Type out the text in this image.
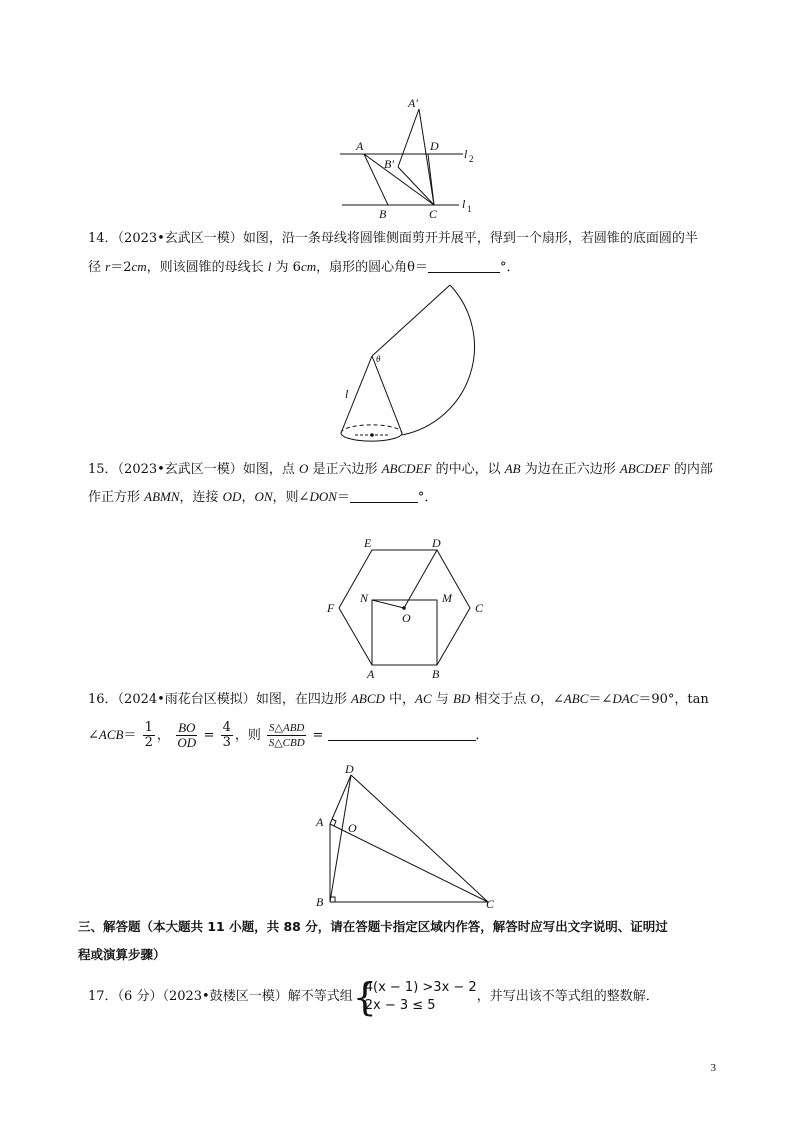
A′
A	D
B′
l 2
B	C
l 1
14．（2023•玄武区一模）如图，沿一条母线将圆锥侧面剪开并展平，得到一个扇形，若圆锥的底面圆的半
径 r＝2cm，则该圆锥的母线长 l 为 6cm，扇形的圆心角θ＝	°．
θ
l
15．（2023•玄武区一模）如图，点 O 是正六边形 ABCDEF 的中心，以 AB 为边在正六边形 ABCDEF 的内部
作正方形 ABMN，连接 OD，ON，则∠DON＝	°．
E	D
F
N	M
C
O
A	B
16．（2024•雨花台区模拟）如图，在四边形 ABCD 中，AC 与 BD 相交于点 O，∠ABC＝∠DAC＝90°，tan
∠ACB＝ $\frac{1}{2}$ ， $\frac{BO}{OD} = \frac{4}{3}$ ，则 $\frac{\text{S△ABD}}{\text{S△CBD}}$ =	．
D
A O
B	C
三、解答题（本大题共 11 小题，共 88 分，请在答题卡指定区域内作答，解答时应写出文字说明、证明过
程或演算步骤）
17．（6 分）（2023•鼓楼区一模）解不等式组 {
4(x − 1) >3x − 2
2x − 3 ≤ 5
，并写出该不等式组的整数解．
3
